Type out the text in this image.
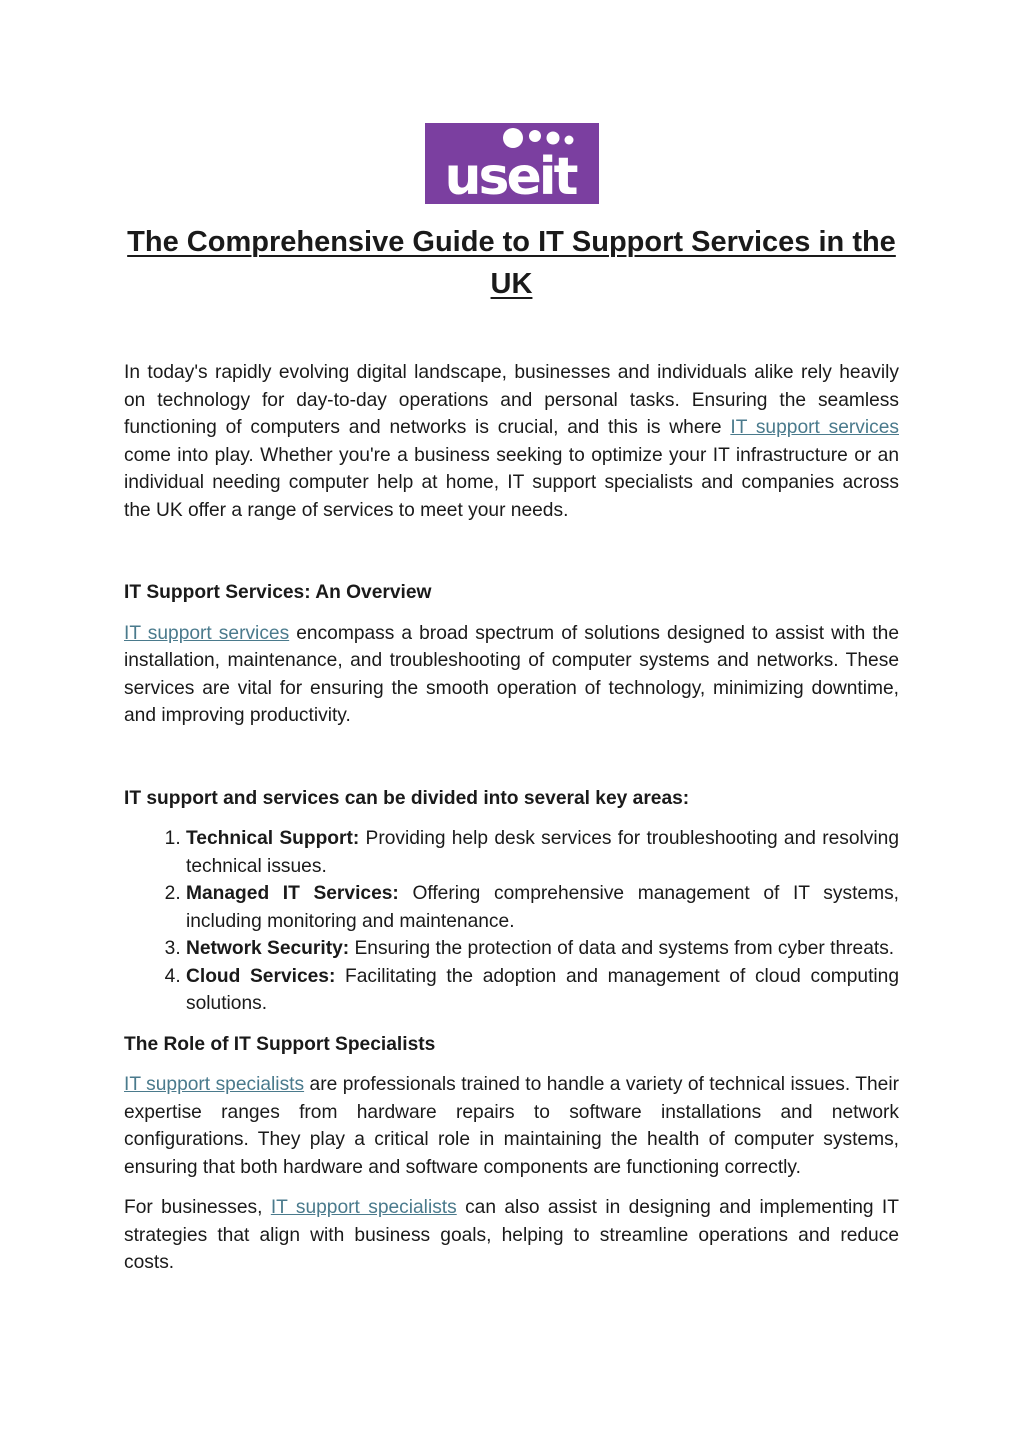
useit
The Comprehensive Guide to IT Support Services in the UK

In today's rapidly evolving digital landscape, businesses and individuals alike rely heavily on technology for day-to-day operations and personal tasks. Ensuring the seamless functioning of computers and networks is crucial, and this is where IT support services come into play. Whether you're a business seeking to optimize your IT infrastructure or an individual needing computer help at home, IT support specialists and companies across the UK offer a range of services to meet your needs.

IT Support Services: An Overview

IT support services encompass a broad spectrum of solutions designed to assist with the installation, maintenance, and troubleshooting of computer systems and networks. These services are vital for ensuring the smooth operation of technology, minimizing downtime, and improving productivity.

IT support and services can be divided into several key areas:
1. Technical Support: Providing help desk services for troubleshooting and resolving technical issues.
2. Managed IT Services: Offering comprehensive management of IT systems, including monitoring and maintenance.
3. Network Security: Ensuring the protection of data and systems from cyber threats.
4. Cloud Services: Facilitating the adoption and management of cloud computing solutions.
The Role of IT Support Specialists

IT support specialists are professionals trained to handle a variety of technical issues. Their expertise ranges from hardware repairs to software installations and network configurations. They play a critical role in maintaining the health of computer systems, ensuring that both hardware and software components are functioning correctly.

For businesses, IT support specialists can also assist in designing and implementing IT strategies that align with business goals, helping to streamline operations and reduce costs.
